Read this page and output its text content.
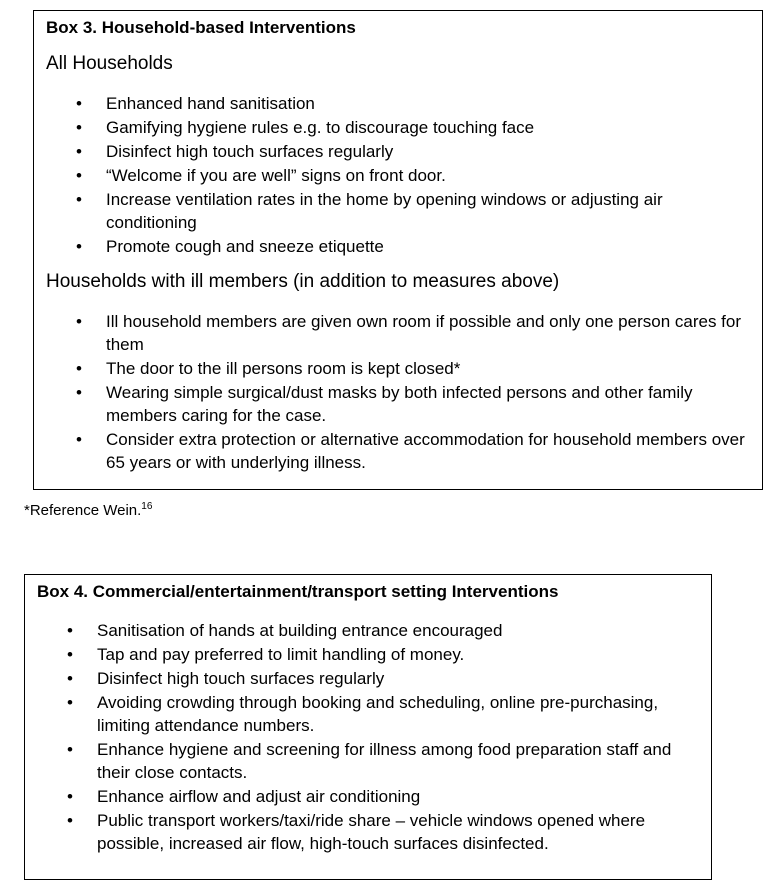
Box 3. Household-based Interventions
All Households
• Enhanced hand sanitisation
• Gamifying hygiene rules e.g. to discourage touching face
• Disinfect high touch surfaces regularly
• “Welcome if you are well” signs on front door.
• Increase ventilation rates in the home by opening windows or adjusting air conditioning
• Promote cough and sneeze etiquette
Households with ill members (in addition to measures above)
• Ill household members are given own room if possible and only one person cares for them
• The door to the ill persons room is kept closed*
• Wearing simple surgical/dust masks by both infected persons and other family members caring for the case.
• Consider extra protection or alternative accommodation for household members over 65 years or with underlying illness.
*Reference Wein.$^{16}$
Box 4. Commercial/entertainment/transport setting Interventions
• Sanitisation of hands at building entrance encouraged
• Tap and pay preferred to limit handling of money.
• Disinfect high touch surfaces regularly
• Avoiding crowding through booking and scheduling, online pre-purchasing, limiting attendance numbers.
• Enhance hygiene and screening for illness among food preparation staff and their close contacts.
• Enhance airflow and adjust air conditioning
• Public transport workers/taxi/ride share – vehicle windows opened where possible, increased air flow, high-touch surfaces disinfected.
